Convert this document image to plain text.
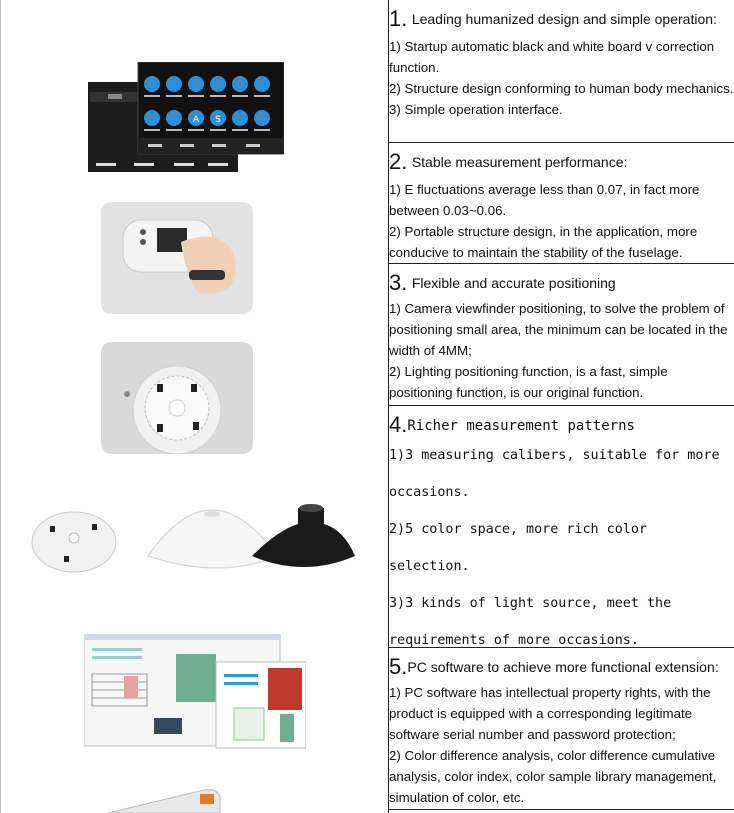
A S
1. Leading humanized design and simple operation:

1) Startup automatic black and white board v correction function.

2) Structure design conforming to human body mechanics.

3) Simple operation interface.

2. Stable measurement performance:

1) E fluctuations average less than 0.07, in fact more between 0.03~0.06.

2) Portable structure design, in the application, more conducive to maintain the stability of the fuselage.

3. Flexible and accurate positioning

1) Camera viewfinder positioning, to solve the problem of positioning small area, the minimum can be located in the width of 4MM;

2) Lighting positioning function, is a fast, simple positioning function, is our original function.

4.Richer measurement patterns

1)3 measuring calibers, suitable for more occasions.

2)5 color space, more rich color selection.

3)3 kinds of light source, meet the requirements of more occasions.

5.PC software to achieve more functional extension:

1) PC software has intellectual property rights, with the product is equipped with a corresponding legitimate software serial number and password protection;

2) Color difference analysis, color difference cumulative analysis, color index, color sample library management, simulation of color, etc.
